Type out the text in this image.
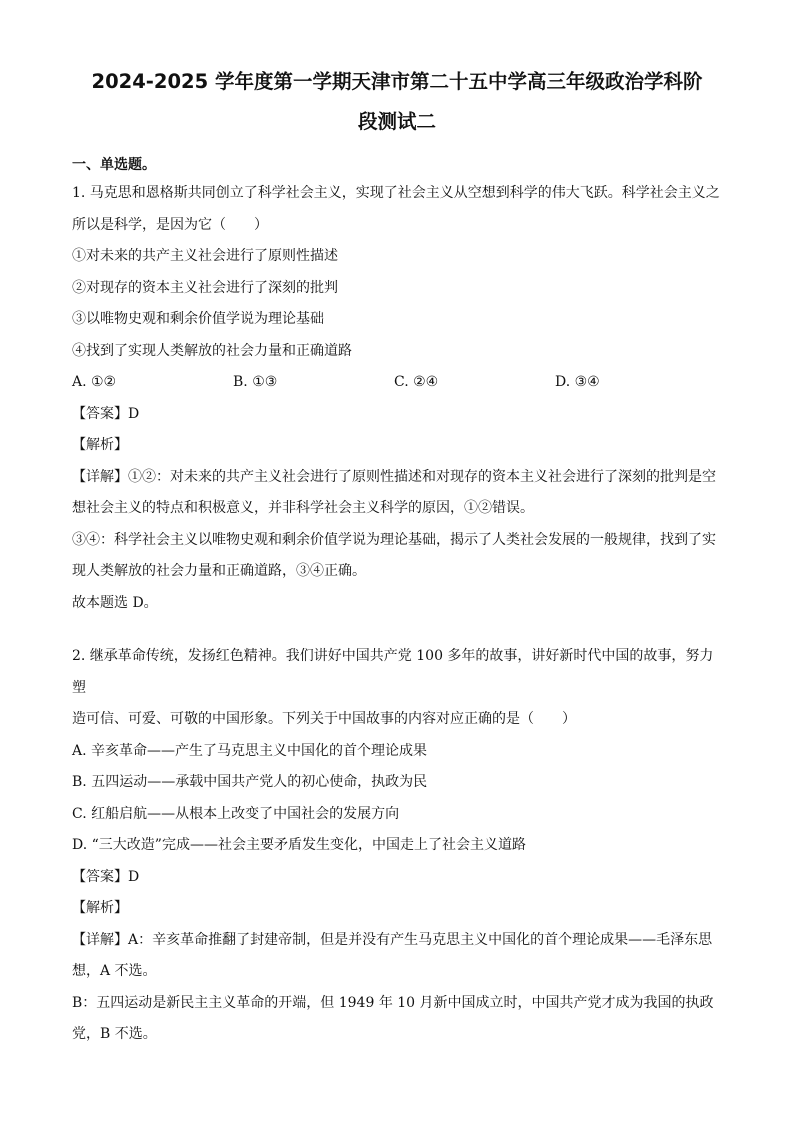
2024-2025 学年度第一学期天津市第二十五中学高三年级政治学科阶
段测试二
一、单选题。

1. 马克思和恩格斯共同创立了科学社会主义，实现了社会主义从空想到科学的伟大飞跃。科学社会主义之

所以是科学，是因为它（　　）

①对未来的共产主义社会进行了原则性描述

②对现存的资本主义社会进行了深刻的批判

③以唯物史观和剩余价值学说为理论基础

④找到了实现人类解放的社会力量和正确道路

A. ①②	B. ①③	C. ②④	D. ③④

【答案】D

【解析】

【详解】①②：对未来的共产主义社会进行了原则性描述和对现存的资本主义社会进行了深刻的批判是空

想社会主义的特点和积极意义，并非科学社会主义科学的原因，①②错误。

③④：科学社会主义以唯物史观和剩余价值学说为理论基础，揭示了人类社会发展的一般规律，找到了实

现人类解放的社会力量和正确道路，③④正确。

故本题选 D。

2. 继承革命传统，发扬红色精神。我们讲好中国共产党 100 多年的故事，讲好新时代中国的故事，努力塑

造可信、可爱、可敬的中国形象。下列关于中国故事的内容对应正确的是（　　）

A. 辛亥革命——产生了马克思主义中国化的首个理论成果

B. 五四运动——承载中国共产党人的初心使命，执政为民

C. 红船启航——从根本上改变了中国社会的发展方向

D. “三大改造”完成——社会主要矛盾发生变化，中国走上了社会主义道路

【答案】D

【解析】

【详解】A：辛亥革命推翻了封建帝制，但是并没有产生马克思主义中国化的首个理论成果——毛泽东思

想，A 不选。

B：五四运动是新民主主义革命的开端，但 1949 年 10 月新中国成立时，中国共产党才成为我国的执政

党，B 不选。
